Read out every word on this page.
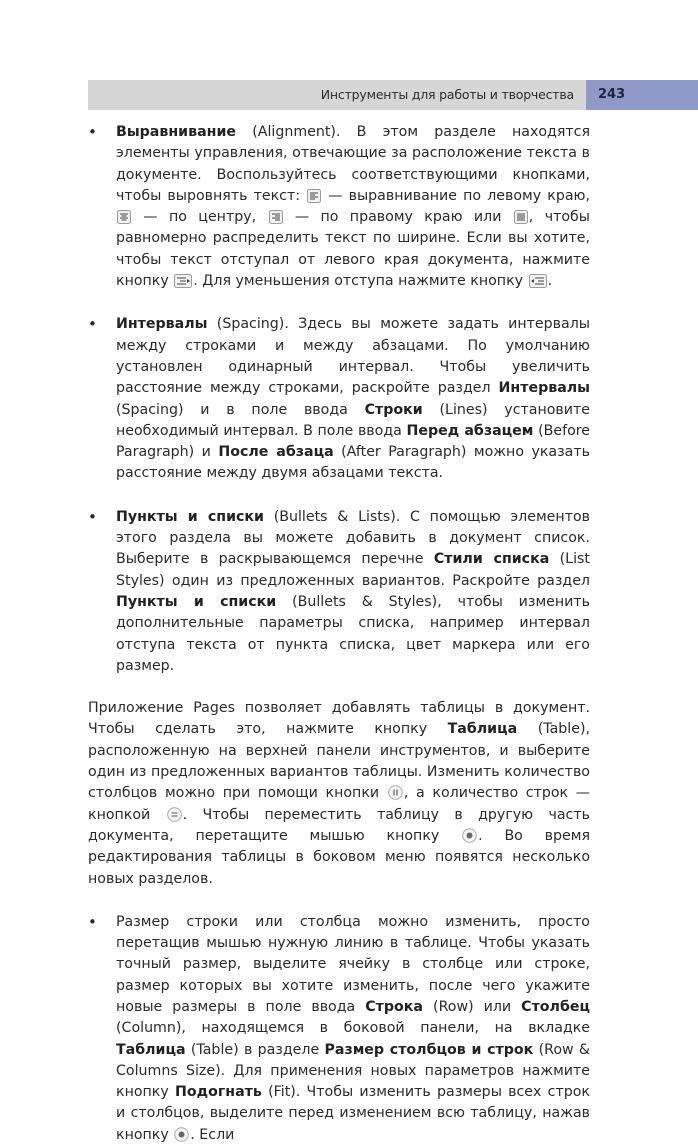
Инструменты для работы и творчества	243

• Выравнивание (Alignment). В этом разделе находятся элементы управления, отвечающие за расположение текста в документе. Воспользуйтесь соответствующими кнопками, чтобы выровнять текст:
— выравнивание по левому краю,
— по центру,
— по правому краю или
, чтобы равномерно распределить текст по ширине. Если вы хотите, чтобы текст отступал от левого края документа, нажмите кнопку
. Для уменьшения отступа нажмите кнопку
.

• Интервалы (Spacing). Здесь вы можете задать интервалы между строками и между абзацами. По умолчанию установлен одинарный интервал. Чтобы увеличить расстояние между строками, раскройте раздел Интервалы (Spacing) и в поле ввода Строки (Lines) установите необходимый интервал. В поле ввода Перед абзацем (Before Paragraph) и После абзаца (After Paragraph) можно указать расстояние между двумя абзацами текста.

• Пункты и списки (Bullets & Lists). С помощью элементов этого раздела вы можете добавить в документ список. Выберите в раскрывающемся перечне Стили списка (List Styles) один из предложенных вариантов. Раскройте раздел Пункты и списки (Bullets & Styles), чтобы изменить дополнительные параметры списка, например интервал отступа текста от пункта списка, цвет маркера или его размер.

Приложение Pages позволяет добавлять таблицы в документ. Чтобы сделать это, нажмите кнопку Таблица (Table), расположенную на верхней панели инструментов, и выберите один из предложенных вариантов таблицы. Изменить количество столбцов можно при помощи кнопки
, а количество строк — кнопкой
. Чтобы переместить таблицу в другую часть документа, перетащите мышью кнопку
. Во время редактирования таблицы в боковом меню появятся несколько новых разделов.

• Размер строки или столбца можно изменить, просто перетащив мышью нужную линию в таблице. Чтобы указать точный размер, выделите ячейку в столбце или строке, размер которых вы хотите изменить, после чего укажите новые размеры в поле ввода Строка (Row) или Столбец (Column), находящемся в боковой панели, на вкладке Таблица (Table) в разделе Размер столбцов и строк (Row & Columns Size). Для применения новых параметров нажмите кнопку Подогнать (Fit). Чтобы изменить размеры всех строк и столбцов, выделите перед изменением всю таблицу, нажав кнопку
. Если
